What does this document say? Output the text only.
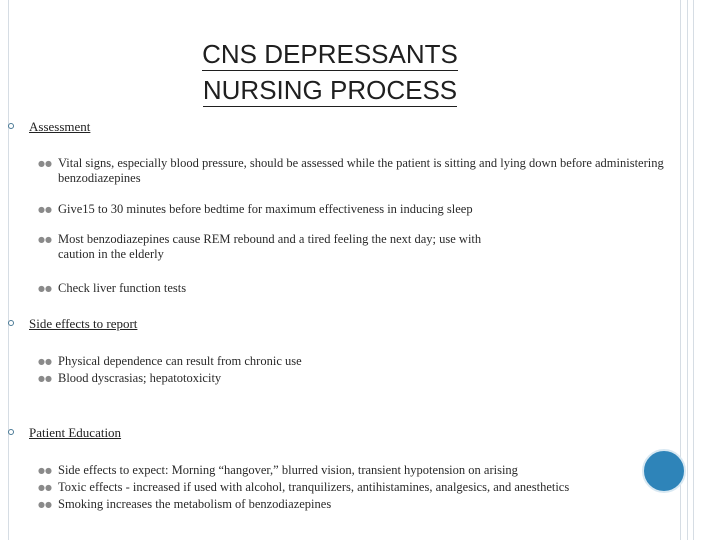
CNS DEPRESSANTS
NURSING PROCESS
Assessment
●● Vital signs, especially blood pressure, should be assessed while the patient is sitting and lying down before administering benzodiazepines
●● Give15 to 30 minutes before bedtime for maximum effectiveness in inducing sleep
●● Most benzodiazepines cause REM rebound and a tired feeling the next day; use with caution in the elderly
●● Check liver function tests
Side effects to report
●● Physical dependence can result from chronic use
●● Blood dyscrasias; hepatotoxicity
Patient Education
●● Side effects to expect: Morning “hangover,” blurred vision, transient hypotension on arising
●● Toxic effects - increased if used with alcohol, tranquilizers, antihistamines, analgesics, and anesthetics
●● Smoking increases the metabolism of benzodiazepines
